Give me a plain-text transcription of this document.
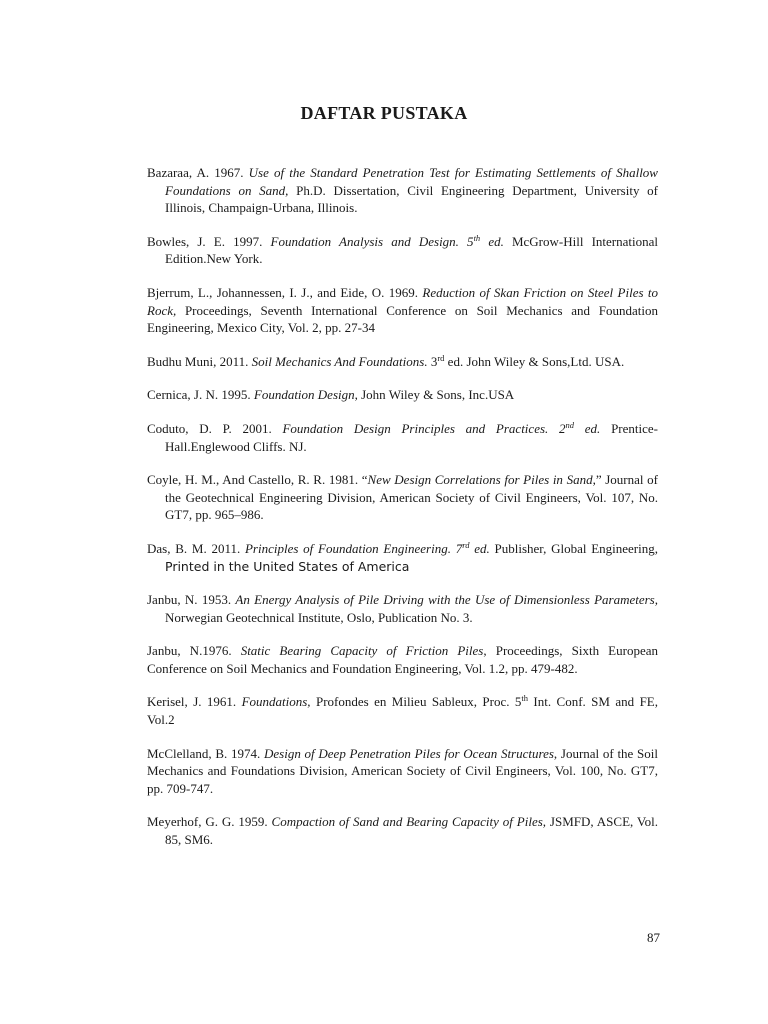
DAFTAR PUSTAKA

Bazaraa, A. 1967. Use of the Standard Penetration Test for Estimating Settlements of Shallow Foundations on Sand, Ph.D. Dissertation, Civil Engineering Department, University of Illinois, Champaign-Urbana, Illinois.

Bowles, J. E. 1997. Foundation Analysis and Design. 5th ed. McGrow-Hill International Edition.New York.

Bjerrum, L., Johannessen, I. J., and Eide, O. 1969. Reduction of Skan Friction on Steel Piles to Rock, Proceedings, Seventh International Conference on Soil Mechanics and Foundation Engineering, Mexico City, Vol. 2, pp. 27-34

Budhu Muni, 2011. Soil Mechanics And Foundations. 3rd ed. John Wiley & Sons,Ltd. USA.

Cernica, J. N. 1995. Foundation Design, John Wiley & Sons, Inc.USA

Coduto, D. P. 2001. Foundation Design Principles and Practices. 2nd ed. Prentice-Hall.Englewood Cliffs. NJ.

Coyle, H. M., And Castello, R. R. 1981. “New Design Correlations for Piles in Sand,” Journal of the Geotechnical Engineering Division, American Society of Civil Engineers, Vol. 107, No. GT7, pp. 965–986.

Das, B. M. 2011. Principles of Foundation Engineering. 7rd ed. Publisher, Global Engineering, Printed in the United States of America

Janbu, N. 1953. An Energy Analysis of Pile Driving with the Use of Dimensionless Parameters, Norwegian Geotechnical Institute, Oslo, Publication No. 3.

Janbu, N.1976. Static Bearing Capacity of Friction Piles, Proceedings, Sixth European Conference on Soil Mechanics and Foundation Engineering, Vol. 1.2, pp. 479-482.

Kerisel, J. 1961. Foundations, Profondes en Milieu Sableux, Proc. 5th Int. Conf. SM and FE, Vol.2

McClelland, B. 1974. Design of Deep Penetration Piles for Ocean Structures, Journal of the Soil Mechanics and Foundations Division, American Society of Civil Engineers, Vol. 100, No. GT7, pp. 709-747.

Meyerhof, G. G. 1959. Compaction of Sand and Bearing Capacity of Piles, JSMFD, ASCE, Vol. 85, SM6.

87
